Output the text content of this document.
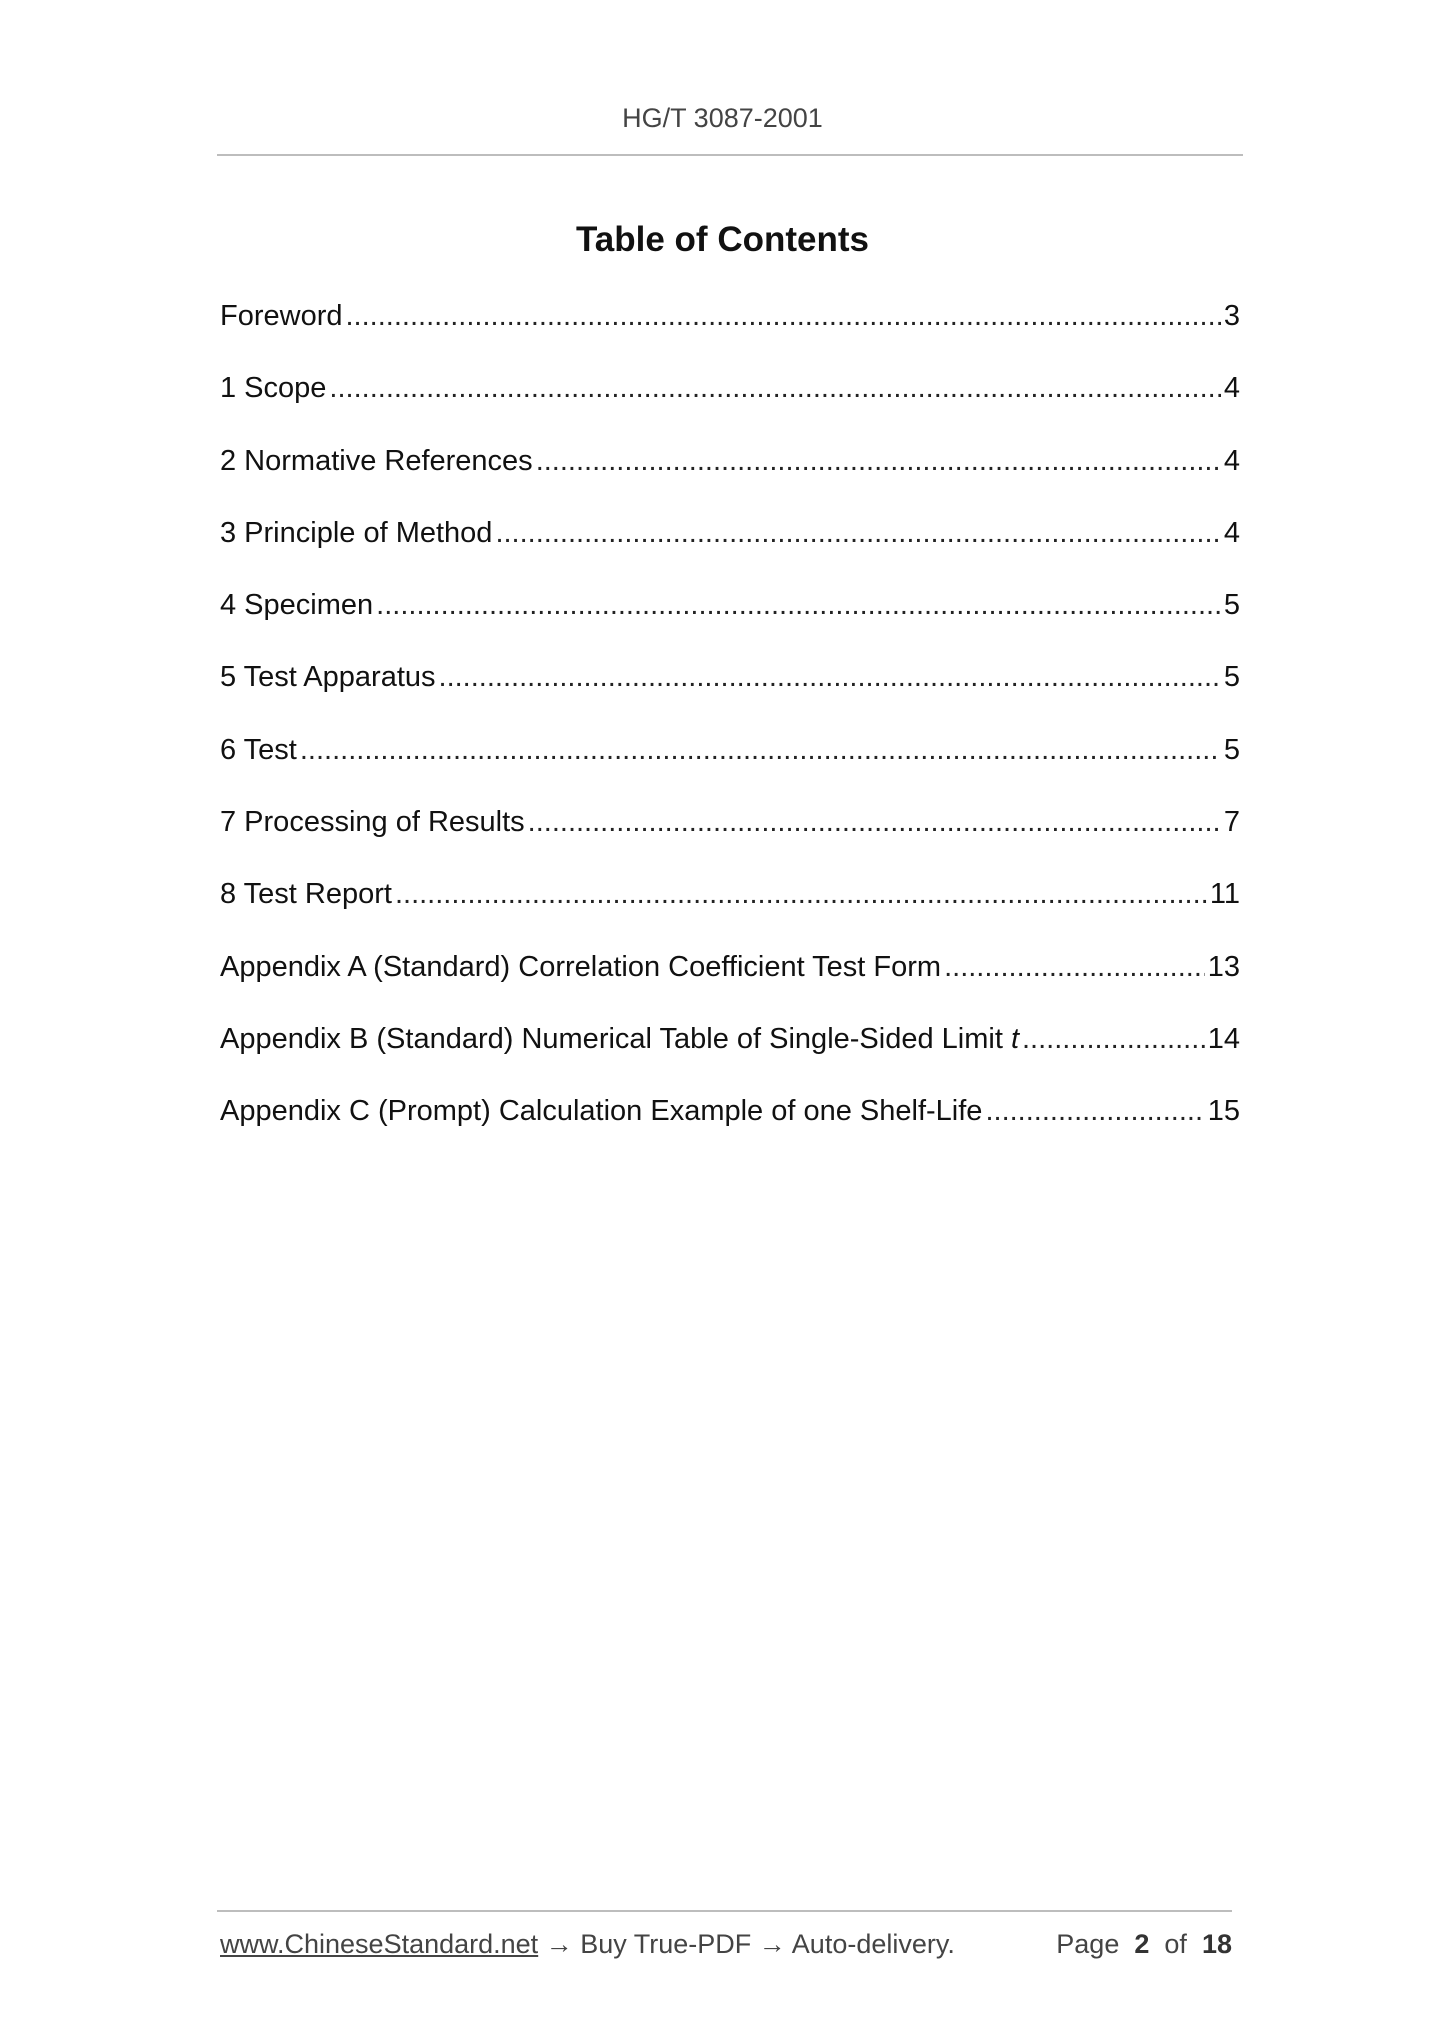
HG/T 3087-2001
Table of Contents
Foreword .....	3
1 Scope .....	4
2 Normative References .....	4
3 Principle of Method .....	4
4 Specimen .....	5
5 Test Apparatus .....	5
6 Test .....	5
7 Processing of Results .....	7
8 Test Report .....	11
Appendix A (Standard) Correlation Coefficient Test Form .....	13
Appendix B (Standard) Numerical Table of Single-Sided Limit t .....	14
Appendix C (Prompt) Calculation Example of one Shelf-Life .....	15
www.ChineseStandard.net → Buy True-PDF → Auto-delivery.	Page 2 of 18
